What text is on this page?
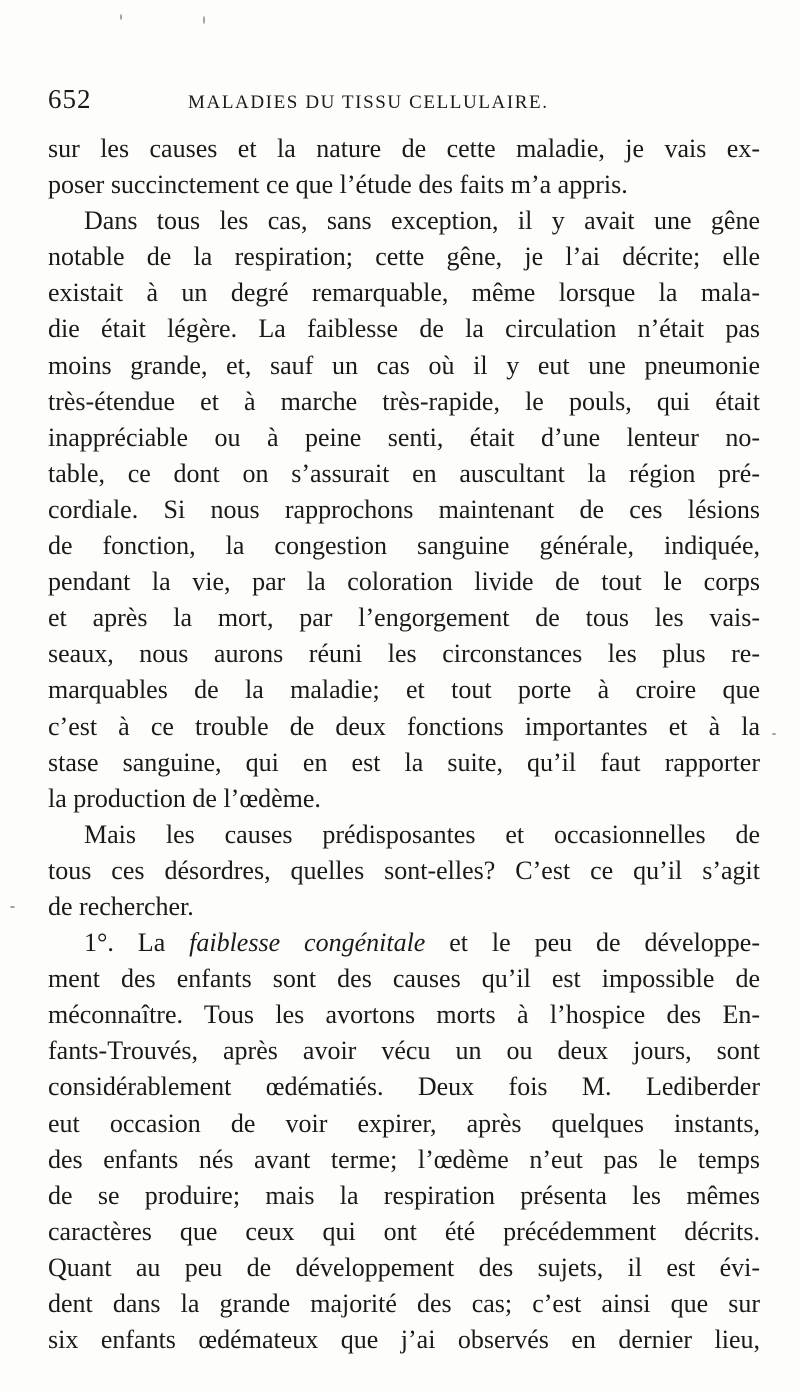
652	MALADIES DU TISSU CELLULAIRE.
sur les causes et la nature de cette maladie, je vais ex-
poser succinctement ce que l’étude des faits m’a appris.
Dans tous les cas, sans exception, il y avait une gêne
notable de la respiration; cette gêne, je l’ai décrite; elle
existait à un degré remarquable, même lorsque la mala-
die était légère. La faiblesse de la circulation n’était pas
moins grande, et, sauf un cas où il y eut une pneumonie
très-étendue et à marche très-rapide, le pouls, qui était
inappréciable ou à peine senti, était d’une lenteur no-
table, ce dont on s’assurait en auscultant la région pré-
cordiale. Si nous rapprochons maintenant de ces lésions
de fonction, la congestion sanguine générale, indiquée,
pendant la vie, par la coloration livide de tout le corps
et après la mort, par l’engorgement de tous les vais-
seaux, nous aurons réuni les circonstances les plus re-
marquables de la maladie; et tout porte à croire que
c’est à ce trouble de deux fonctions importantes et à la
stase sanguine, qui en est la suite, qu’il faut rapporter
la production de l’œdème.
Mais les causes prédisposantes et occasionnelles de
tous ces désordres, quelles sont-elles? C’est ce qu’il s’agit
de rechercher.
1°. La faiblesse congénitale et le peu de développe-
ment des enfants sont des causes qu’il est impossible de
méconnaître. Tous les avortons morts à l’hospice des En-
fants-Trouvés, après avoir vécu un ou deux jours, sont
considérablement œdématiés. Deux fois M. Lediberder
eut occasion de voir expirer, après quelques instants,
des enfants nés avant terme; l’œdème n’eut pas le temps
de se produire; mais la respiration présenta les mêmes
caractères que ceux qui ont été précédemment décrits.
Quant au peu de développement des sujets, il est évi-
dent dans la grande majorité des cas; c’est ainsi que sur
six enfants œdémateux que j’ai observés en dernier lieu,
